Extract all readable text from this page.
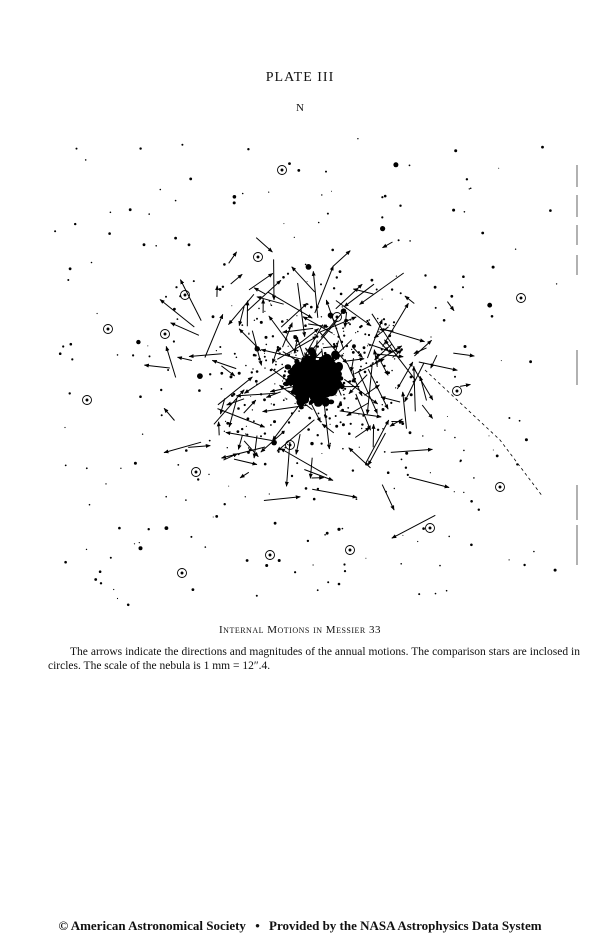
PLATE III
N
Internal Motions in Messier 33
The arrows indicate the directions and magnitudes of the annual motions. The comparison stars are inclosed in circles. The scale of the nebula is 1 mm = 12″.4.
© American Astronomical Society • Provided by the NASA Astrophysics Data System
